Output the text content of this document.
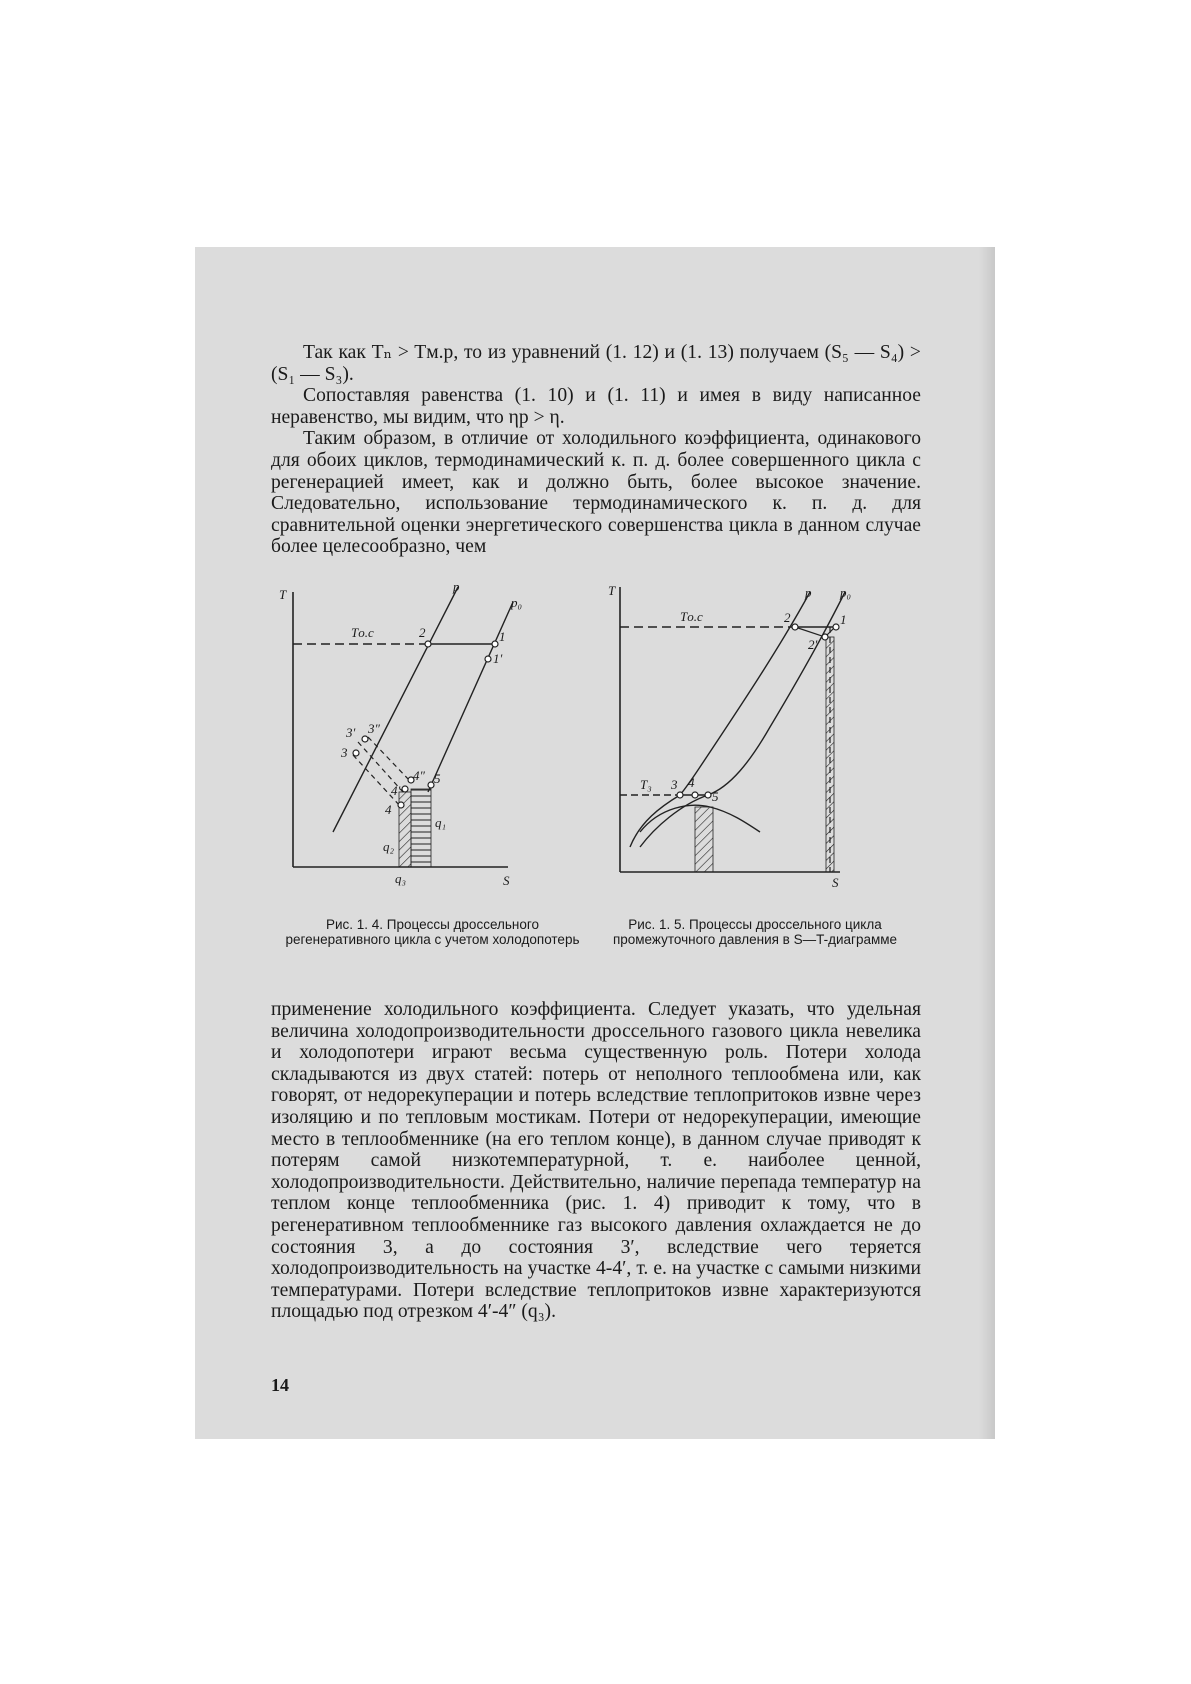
Так как Tₙ > Tм.р, то из уравнений (1. 12) и (1. 13) получаем (S₅ — S₄) > (S₁ — S₃).

Сопоставляя равенства (1. 10) и (1. 11) и имея в виду написанное неравенство, мы видим, что ηр > η.

Таким образом, в отличие от холодильного коэффициента, одинакового для обоих циклов, термодинамический к. п. д. более совершенного цикла с регенерацией имеет, как и должно быть, более высокое значение. Следовательно, использование термодинамического к. п. д. для сравнительной оценки энергетического совершенства цикла в данном случае более целесообразно, чем

T
S
p
p₀
Tо.с	2	1
1′
3′ 3″
3
4″
4′
4
5
q₁
q₂
q₃
T
S
p p₀
Tо.с	2	1
2′
T₃ 3 4
5
Рис. 1. 4. Процессы дроссельного регенеративного цикла с учетом холодопотерь
Рис. 1. 5. Процессы дроссельного цикла промежуточного давления в S—T-диаграмме

применение холодильного коэффициента. Следует указать, что удельная величина холодопроизводительности дроссельного газового цикла невелика и холодопотери играют весьма существенную роль. Потери холода складываются из двух статей: потерь от неполного теплообмена или, как говорят, от недорекуперации и потерь вследствие теплопритоков извне через изоляцию и по тепловым мостикам. Потери от недорекуперации, имеющие место в теплообменнике (на его теплом конце), в данном случае приводят к потерям самой низкотемпературной, т. е. наиболее ценной, холодопроизводительности. Действительно, наличие перепада температур на теплом конце теплообменника (рис. 1. 4) приводит к тому, что в регенеративном теплообменнике газ высокого давления охлаждается не до состояния 3, а до состояния 3′, вследствие чего теряется холодопроизводительность на участке 4-4′, т. е. на участке с самыми низкими температурами. Потери вследствие теплопритоков извне характеризуются площадью под отрезком 4′-4″ (q₃).

14
